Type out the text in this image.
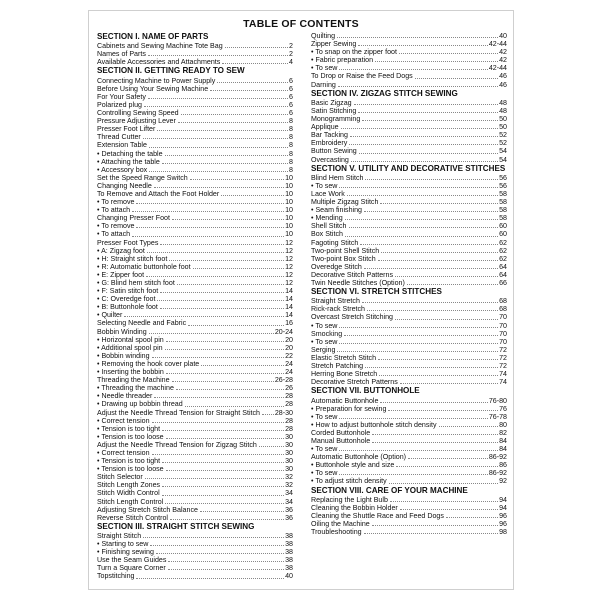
TABLE OF CONTENTS
SECTION I. NAME OF PARTS
Cabinets and Sewing Machine Tote Bag	2
Names of Parts	2
Available Accessories and Attachments	4
SECTION II. GETTING READY TO SEW
Connecting Machine to Power Supply	6
Before Using Your Sewing Machine	6
For Your Safety	6
Polarized plug	6
Controlling Sewing Speed	6
Pressure Adjusting Lever	8
Presser Foot Lifter	8
Thread Cutter	8
Extension Table	8
• Detaching the table	8
• Attaching the table	8
• Accessory box	8
Set the Speed Range Switch	10
Changing Needle	10
To Remove and Attach the Foot Holder	10
• To remove	10
• To attach	10
Changing Presser Foot	10
• To remove	10
• To attach	10
Presser Foot Types	12
• A: Zigzag foot	12
• H: Straight stitch foot	12
• R: Automatic buttonhole foot	12
• E: Zipper foot	12
• G: Blind hem stitch foot	12
• F: Satin stitch foot	14
• C: Overedge foot	14
• B: Buttonhole foot	14
• Quilter	14
Selecting Needle and Fabric	16
Bobbin Winding	20-24
• Horizontal spool pin	20
• Additional spool pin	20
• Bobbin winding	22
• Removing the hook cover plate	24
• Inserting the bobbin	24
Threading the Machine	26-28
• Threading the machine	26
• Needle threader	28
• Drawing up bobbin thread	28
Adjust the Needle Thread Tension for Straight Stitch 28-30
• Correct tension	28
• Tension is too tight	28
• Tension is too loose	30
Adjust the Needle Thread Tension for Zigzag Stitch	30
• Correct tension	30
• Tension is too tight	30
• Tension is too loose	30
Stitch Selector	32
Stitch Length Zones	32
Stitch Width Control	34
Stitch Length Control	34
Adjusting Stretch Stitch Balance	36
Reverse Stitch Control	36
SECTION III. STRAIGHT STITCH SEWING
Straight Stitch	38
• Starting to sew	38
• Finishing sewing	38
Use the Seam Guides	38
Turn a Square Corner	38
Topstitching	40
Quilting	40
Zipper Sewing	42-44
• To snap on the zipper foot	42
• Fabric preparation	42
• To sew	42-44
To Drop or Raise the Feed Dogs	46
Darning	46
SECTION IV. ZIGZAG STITCH SEWING
Basic Zigzag	48
Satin Stitching	48
Monogramming	50
Applique	50
Bar Tacking	52
Embroidery	52
Button Sewing	54
Overcasting	54
SECTION V. UTILITY AND DECORATIVE STITCHES
Blind Hem Stitch	56
• To sew	56
Lace Work	58
Multiple Zigzag Stitch	58
• Seam finishing	58
• Mending	58
Shell Stitch	60
Box Stitch	60
Fagoting Stitch	62
Two-point Shell Stitch	62
Two-point Box Stitch	62
Overedge Stitch	64
Decorative Stitch Patterns	64
Twin Needle Stitches (Option)	66
SECTION VI. STRETCH STITCHES
Straight Stretch	68
Rick-rack Stretch	68
Overcast Stretch Stitching	70
• To sew	70
Smocking	70
• To sew	70
Serging	72
Elastic Stretch Stitch	72
Stretch Patching	72
Herring Bone Stretch	74
Decorative Stretch Patterns	74
SECTION VII. BUTTONHOLE
Automatic Buttonhole	76-80
• Preparation for sewing	76
• To sew	76-78
• How to adjust buttonhole stitch density	80
Corded Buttonhole	82
Manual Buttonhole	84
• To sew	84
Automatic Buttonhole (Option)	86-92
• Buttonhole style and size	86
• To sew	86-92
• To adjust stitch density	92
SECTION VIII. CARE OF YOUR MACHINE
Replacing the Light Bulb	94
Cleaning the Bobbin Holder	94
Cleaning the Shuttle Race and Feed Dogs	96
Oiling the Machine	96
Troubleshooting	98
